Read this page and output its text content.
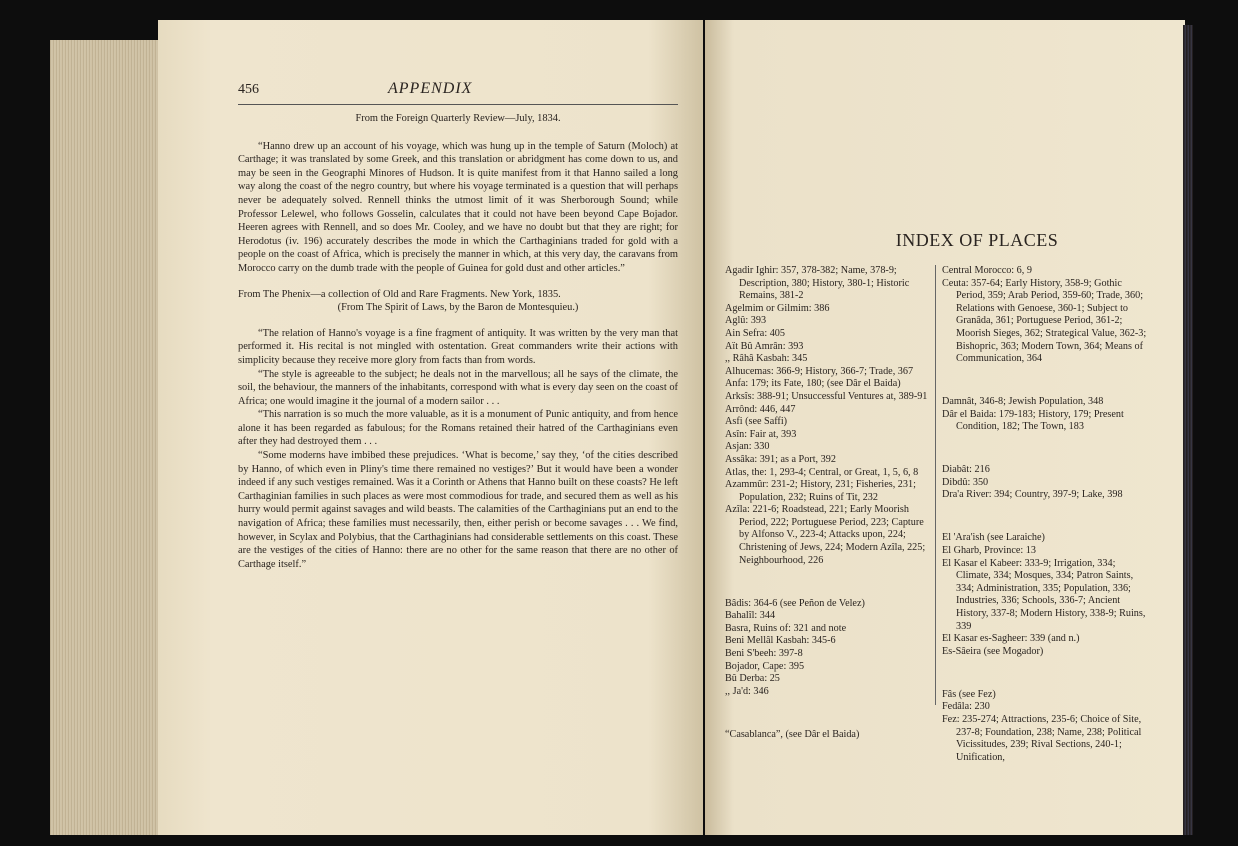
456	APPENDIX

From the Foreign Quarterly Review—July, 1834.

“Hanno drew up an account of his voyage, which was hung up in the temple of Saturn (Moloch) at Carthage; it was translated by some Greek, and this translation or abridgment has come down to us, and may be seen in the Geographi Minores of Hudson. It is quite manifest from it that Hanno sailed a long way along the coast of the negro country, but where his voyage terminated is a question that will perhaps never be adequately solved. Rennell thinks the utmost limit of it was Sherborough Sound; while Professor Lelewel, who follows Gosselin, calculates that it could not have been beyond Cape Bojador. Heeren agrees with Rennell, and so does Mr. Cooley, and we have no doubt but that they are right; for Herodotus (iv. 196) accurately describes the mode in which the Carthaginians traded for gold with a people on the coast of Africa, which is precisely the manner in which, at this very day, the caravans from Morocco carry on the dumb trade with the people of Guinea for gold dust and other articles.”

From The Phenix—a collection of Old and Rare Fragments. New York, 1835.

(From The Spirit of Laws, by the Baron de Montesquieu.)

“The relation of Hanno's voyage is a fine fragment of antiquity. It was written by the very man that performed it. His recital is not mingled with ostentation. Great commanders write their actions with simplicity because they receive more glory from facts than from words.

“The style is agreeable to the subject; he deals not in the marvellous; all he says of the climate, the soil, the behaviour, the manners of the inhabitants, correspond with what is every day seen on the coast of Africa; one would imagine it the journal of a modern sailor . . .

“This narration is so much the more valuable, as it is a monument of Punic antiquity, and from hence alone it has been regarded as fabulous; for the Romans retained their hatred of the Carthaginians even after they had destroyed them . . .

“Some moderns have imbibed these prejudices. ‘What is become,’ say they, ‘of the cities described by Hanno, of which even in Pliny's time there remained no vestiges?’ But it would have been a wonder indeed if any such vestiges remained. Was it a Corinth or Athens that Hanno built on these coasts? He left Carthaginian families in such places as were most commodious for trade, and secured them as well as his hurry would permit against savages and wild beasts. The calamities of the Carthaginians put an end to the navigation of Africa; these families must necessarily, then, either perish or become savages . . . We find, however, in Scylax and Polybius, that the Carthaginians had considerable settlements on this coast. These are the vestiges of the cities of Hanno: there are no other for the same reason that there are no other of Carthage itself.”

INDEX OF PLACES

Agadir Ighir: 357, 378-382; Name, 378-9; Description, 380; History, 380-1; Historic Remains, 381-2

Agelmim or Gilmim: 386

Aglû: 393

Ain Sefra: 405

Aït Bû Amrân: 393

,, Râhâ Kasbah: 345

Alhucemas: 366-9; History, 366-7; Trade, 367

Anfa: 179; its Fate, 180; (see Dâr el Baida)

Arksîs: 388-91; Unsuccessful Ventures at, 389-91

Arrônd: 446, 447

Asfi (see Saffi)

Asîn: Fair at, 393

Asjan: 330

Assâka: 391; as a Port, 392

Atlas, the: 1, 293-4; Central, or Great, 1, 5, 6, 8

Azammûr: 231-2; History, 231; Fisheries, 231; Population, 232; Ruins of Tit, 232

Azîla: 221-6; Roadstead, 221; Early Moorish Period, 222; Portuguese Period, 223; Capture by Alfonso V., 223-4; Attacks upon, 224; Christening of Jews, 224; Modern Azîla, 225; Neighbourhood, 226

Bâdis: 364-6 (see Peñon de Velez)

Bahalîl: 344

Basra, Ruins of: 321 and note

Beni Mellâl Kasbah: 345-6

Beni S'beeh: 397-8

Bojador, Cape: 395

Bû Derba: 25

,, Ja'd: 346

“Casablanca”, (see Dâr el Baida)

Central Morocco: 6, 9

Ceuta: 357-64; Early History, 358-9; Gothic Period, 359; Arab Period, 359-60; Trade, 360; Relations with Genoese, 360-1; Subject to Granâda, 361; Portuguese Period, 361-2; Moorish Sieges, 362; Strategical Value, 362-3; Bishopric, 363; Modern Town, 364; Means of Communication, 364

Damnât, 346-8; Jewish Population, 348

Dâr el Baida: 179-183; History, 179; Present Condition, 182; The Town, 183

Diabât: 216

Dibdû: 350

Dra'a River: 394; Country, 397-9; Lake, 398

El 'Ara'ish (see Laraiche)

El Gharb, Province: 13

El Kasar el Kabeer: 333-9; Irrigation, 334; Climate, 334; Mosques, 334; Patron Saints, 334; Administration, 335; Population, 336; Industries, 336; Schools, 336-7; Ancient History, 337-8; Modern History, 338-9; Ruins, 339

El Kasar es-Sagheer: 339 (and n.)

Es-Sâeira (see Mogador)

Fâs (see Fez)

Fedâla: 230

Fez: 235-274; Attractions, 235-6; Choice of Site, 237-8; Foundation, 238; Name, 238; Political Vicissitudes, 239; Rival Sections, 240-1; Unification,
